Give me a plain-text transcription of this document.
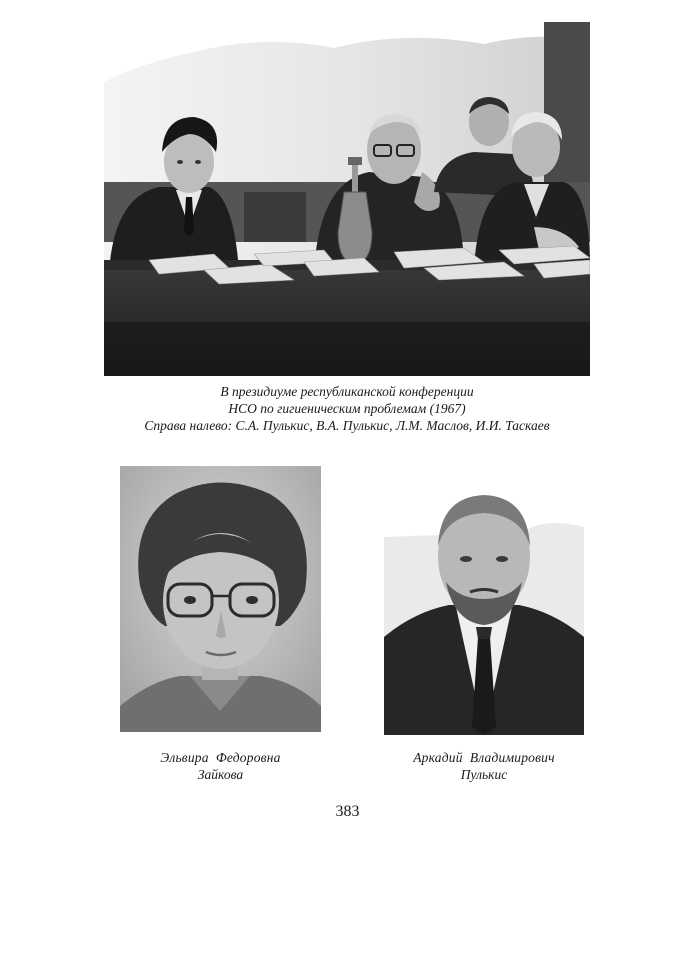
В президиуме республиканской конференции
НСО по гигиеническим проблемам (1967)
Справа налево: С.А. Пулькис, В.А. Пулькис, Л.М. Маслов, И.И. Таскаев
Эльвира  Федоровна
Зайкова
Аркадий  Владимирович
Пулькис
383
